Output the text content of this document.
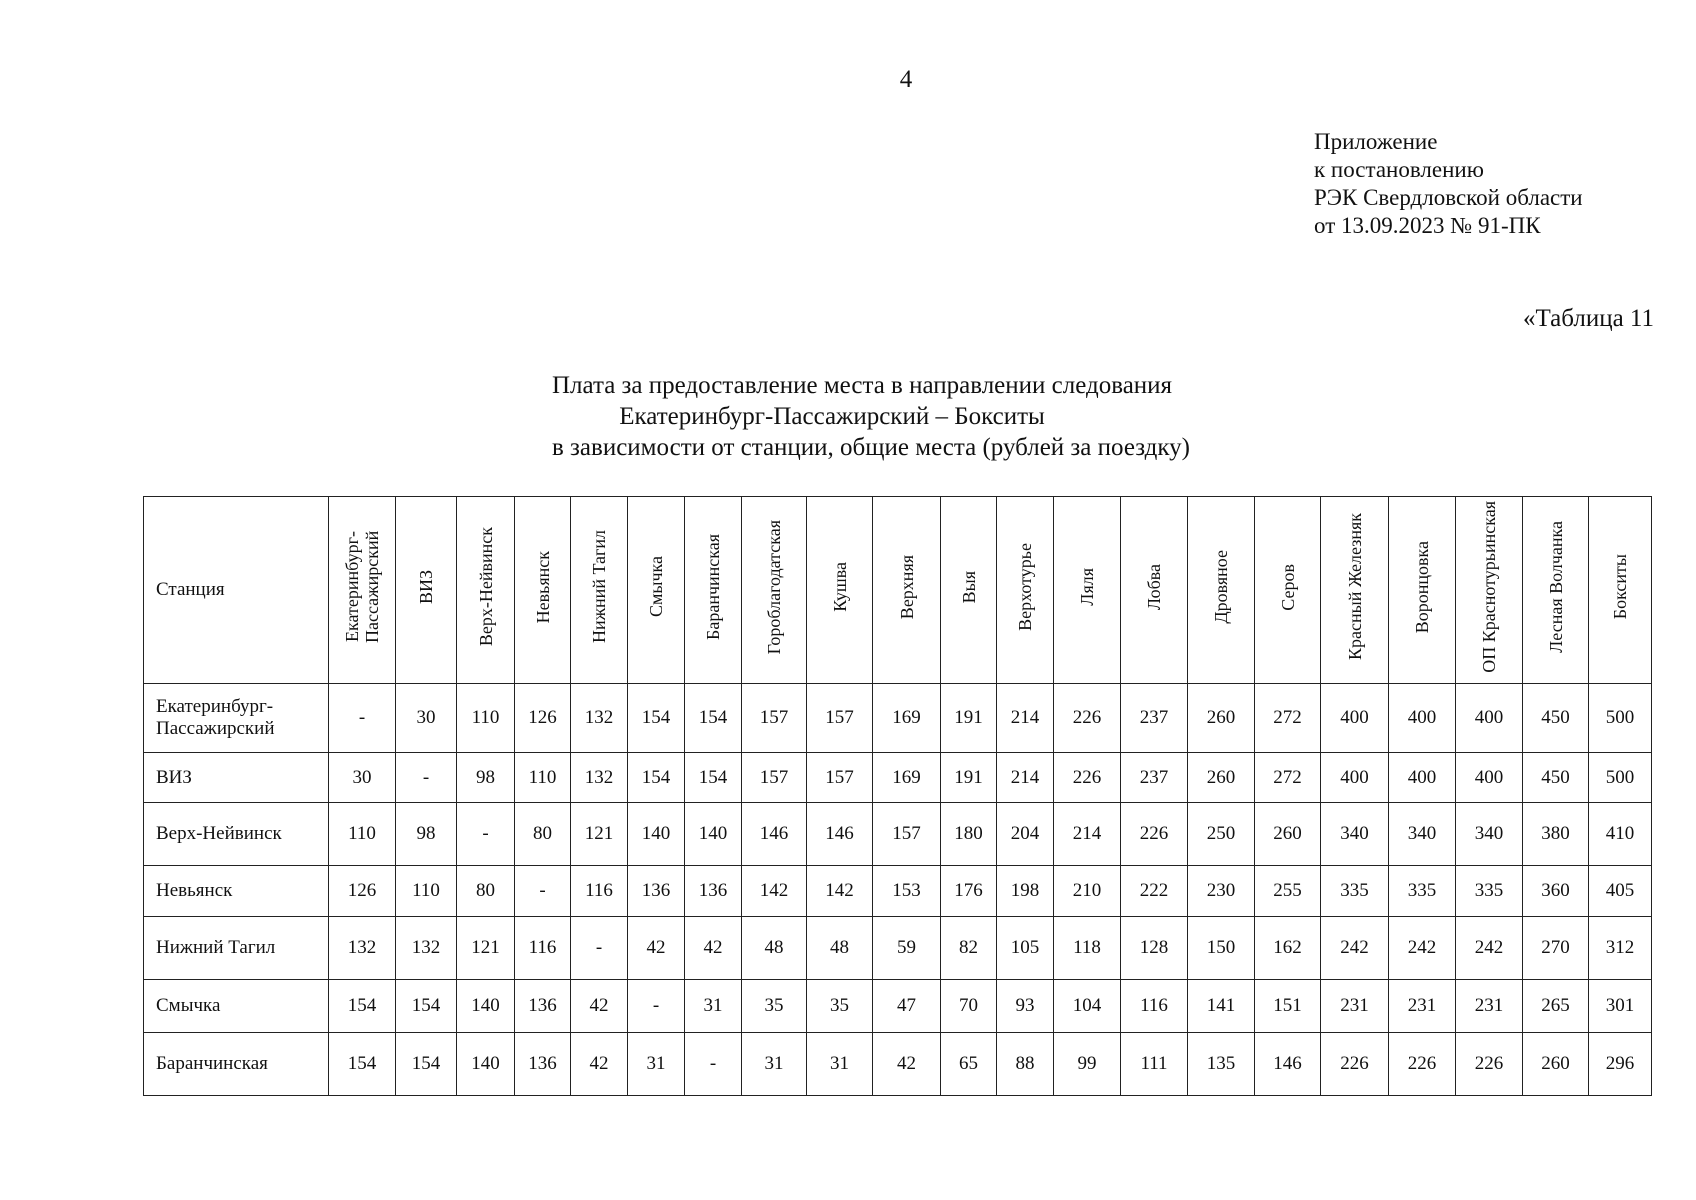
4
Приложение
к постановлению
РЭК Свердловской области
от 13.09.2023 № 91-ПК
«Таблица 11
Плата за предоставление места в направлении следования
Екатеринбург-Пассажирский – Бокситы
в зависимости от станции, общие места (рублей за поездку)
Станция	Екатеринбург-Пассажирский	ВИЗ	Верх-Нейвинск	Невьянск	Нижний Тагил	Смычка	Баранчинская	Гороблагодатская	Кушва	Верхняя	Выя	Верхотурье	Ляля	Лобва	Дровяное	Серов	Красный Железняк	Воронцовка	ОП Краснотурьинская	Лесная Волчанка	Бокситы
Екатеринбург-Пассажирский	-	30	110	126	132	154	154	157	157	169	191	214	226	237	260	272	400	400	400	450	500
ВИЗ	30	-	98	110	132	154	154	157	157	169	191	214	226	237	260	272	400	400	400	450	500
Верх-Нейвинск	110	98	-	80	121	140	140	146	146	157	180	204	214	226	250	260	340	340	340	380	410
Невьянск	126	110	80	-	116	136	136	142	142	153	176	198	210	222	230	255	335	335	335	360	405
Нижний Тагил	132	132	121	116	-	42	42	48	48	59	82	105	118	128	150	162	242	242	242	270	312
Смычка	154	154	140	136	42	-	31	35	35	47	70	93	104	116	141	151	231	231	231	265	301
Баранчинская	154	154	140	136	42	31	-	31	31	42	65	88	99	111	135	146	226	226	226	260	296
